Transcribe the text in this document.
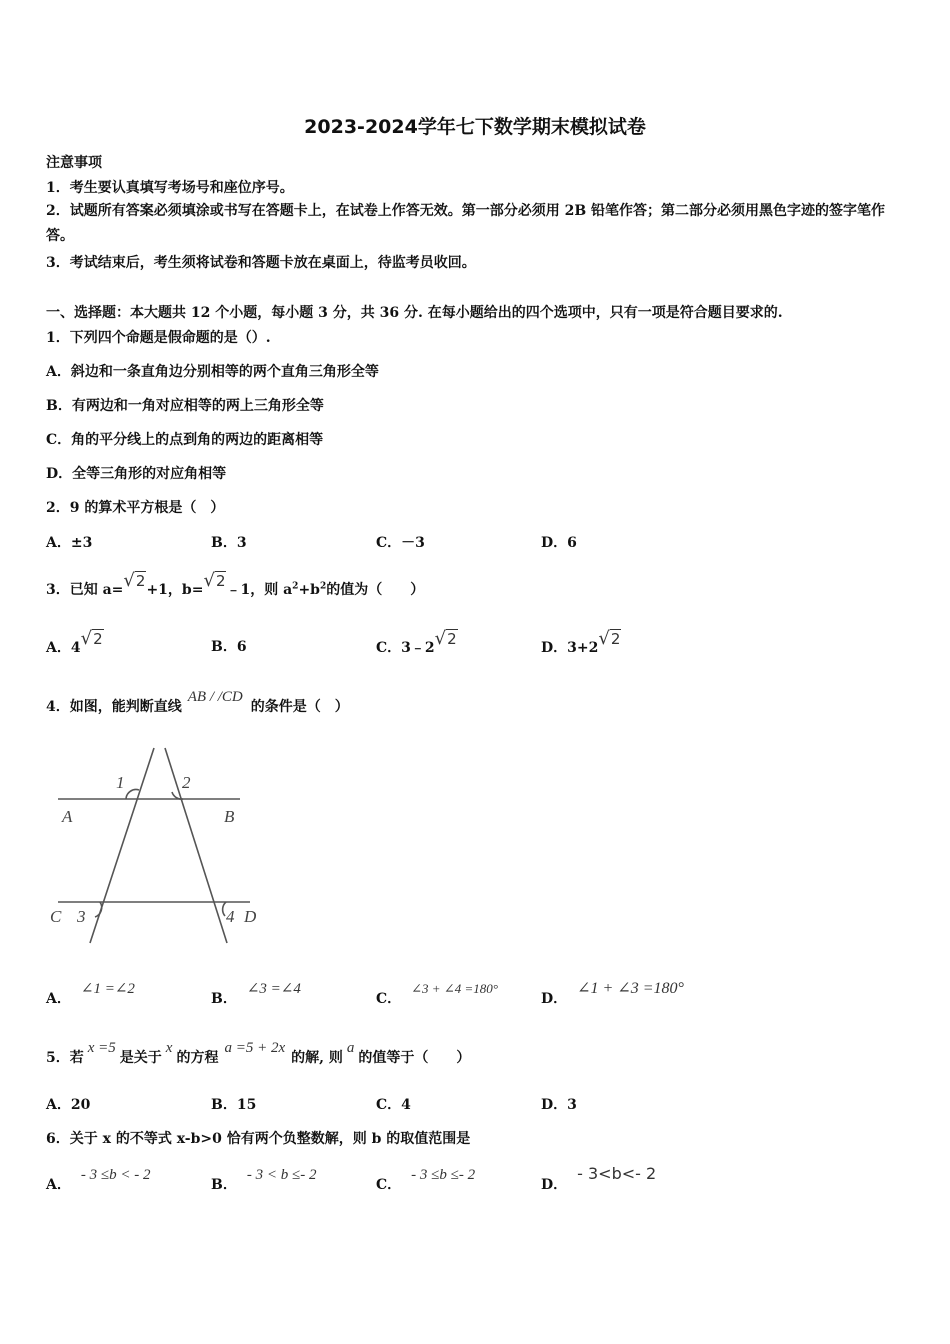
2023-2024学年七下数学期末模拟试卷
注意事项
1．考生要认真填写考场号和座位序号。
2．试题所有答案必须填涂或书写在答题卡上，在试卷上作答无效。第一部分必须用 2B 铅笔作答；第二部分必须用黑色字迹的签字笔作答。
3．考试结束后，考生须将试卷和答题卡放在桌面上，待监考员收回。
一、选择题：本大题共 12 个小题，每小题 3 分，共 36 分. 在每小题给出的四个选项中，只有一项是符合题目要求的.
1．下列四个命题是假命题的是（）.
A．斜边和一条直角边分别相等的两个直角三角形全等
B．有两边和一角对应相等的两上三角形全等
C．角的平分线上的点到角的两边的距离相等
D．全等三角形的对应角相等
2．9 的算术平方根是（　）
A．±3	B．3	C．－3	D．6
3．已知 a=√2+1，b=√2﹣1，则 $a^2+b^2$的值为（　　）
A．4√2	B．6	C．3﹣2√2	D．3+2√2
4．如图，能判断直线AB / /CD的条件是（　）
A	B
C	D
1	2
3	4
A．∠1 =∠2
B．∠3 =∠4
C．∠3 + ∠4 =180°
D．∠1 + ∠3 =180°
5．若x =5是关于x的方程a =5 + 2x的解, 则a的值等于（　　）
A．20	B．15	C．4	D．3
6．关于 x 的不等式 x-b>0 恰有两个负整数解，则 b 的取值范围是
A．- 3 ≤b < - 2
B．- 3 < b ≤- 2
C．- 3 ≤b ≤- 2
D．- 3<b<- 2
